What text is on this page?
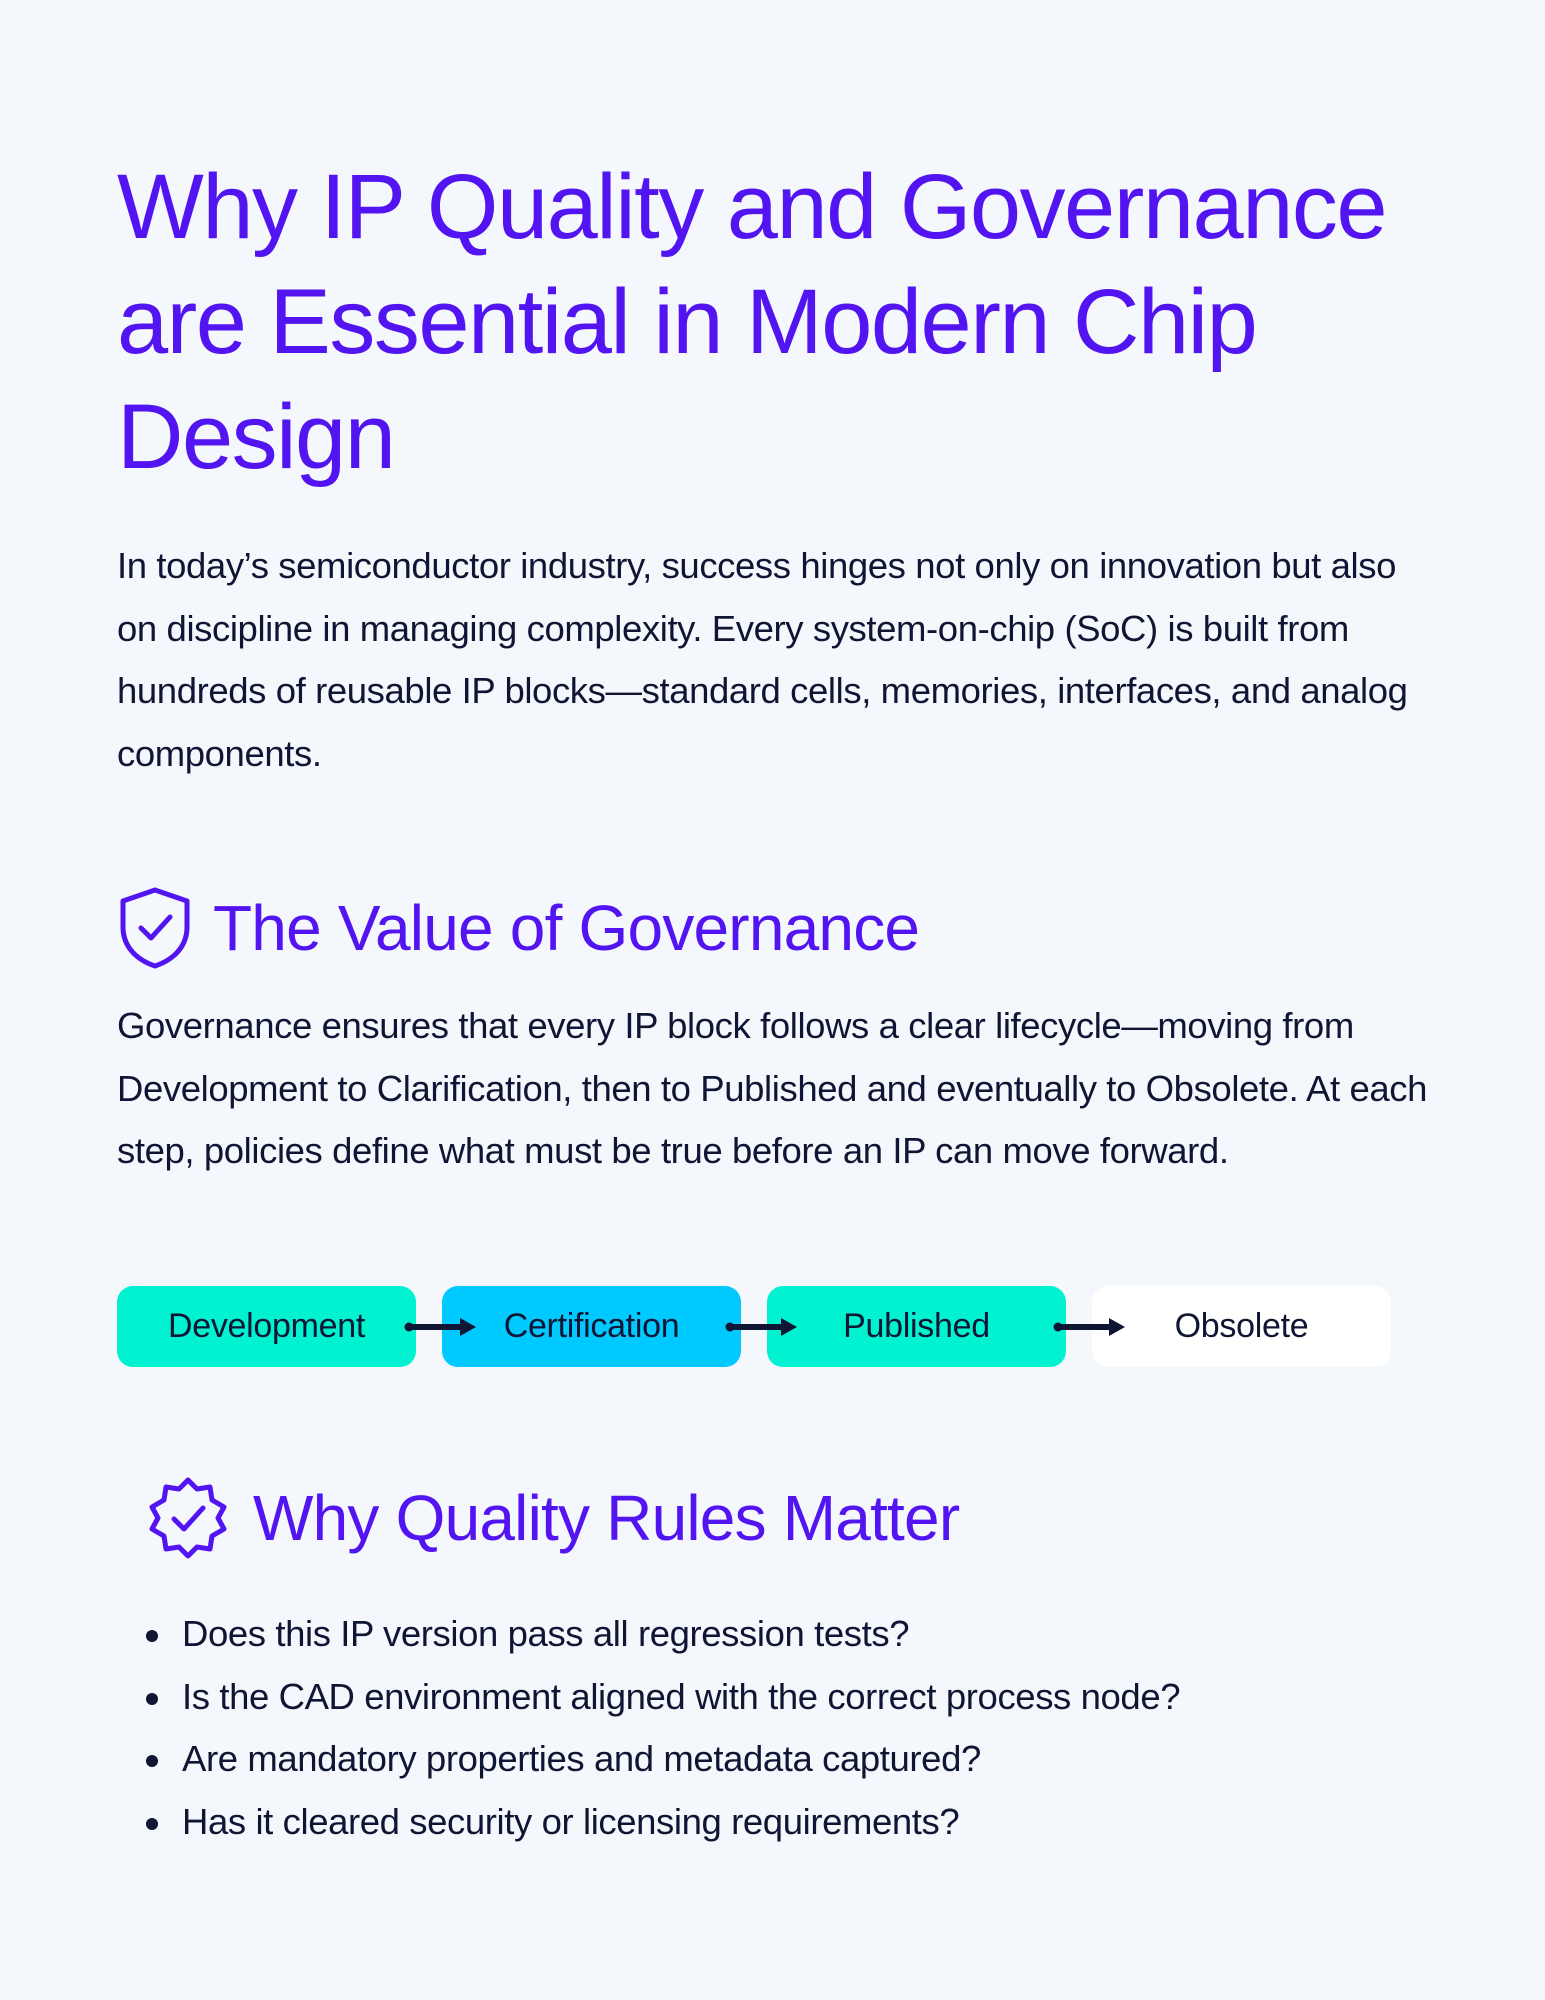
Why IP Quality and Governance are Essential in Modern Chip Design

In today’s semiconductor industry, success hinges not only on innovation but also on discipline in managing complexity. Every system-on-chip (SoC) is built from hundreds of reusable IP blocks—standard cells, memories, interfaces, and analog components.

The Value of Governance

Governance ensures that every IP block follows a clear lifecycle—moving from Development to Clarification, then to Published and eventually to Obsolete. At each step, policies define what must be true before an IP can move forward.

Development	Certification	Published	Obsolete
Why Quality Rules Matter
Does this IP version pass all regression tests?
Is the CAD environment aligned with the correct process node?
Are mandatory properties and metadata captured?
Has it cleared security or licensing requirements?
